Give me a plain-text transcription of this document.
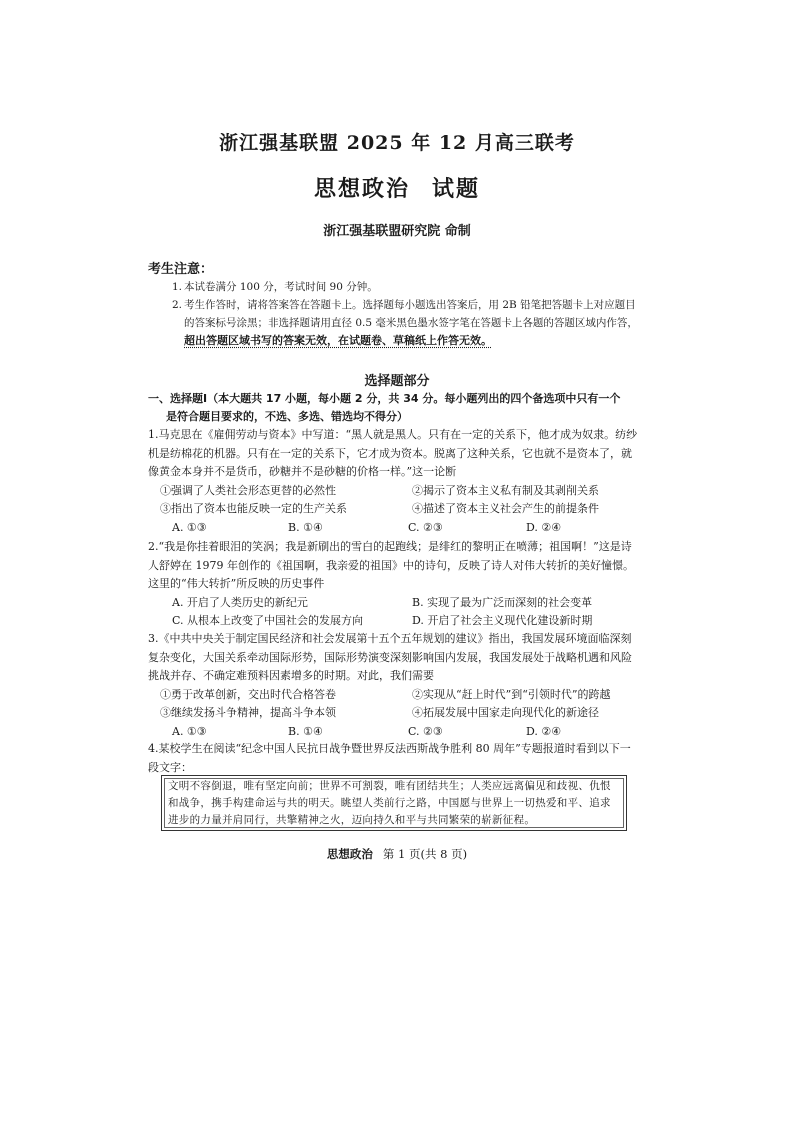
浙江强基联盟 2025 年 12 月高三联考
思想政治 试题
浙江强基联盟研究院 命制
考生注意：
1. 本试卷满分 100 分，考试时间 90 分钟。
2. 考生作答时，请将答案答在答题卡上。选择题每小题选出答案后，用 2B 铅笔把答题卡上对应题目的答案标号涂黑；非选择题请用直径 0.5 毫米黑色墨水签字笔在答题卡上各题的答题区域内作答，超出答题区域书写的答案无效，在试题卷、草稿纸上作答无效。
选择题部分
一、选择题Ⅰ（本大题共 17 小题，每小题 2 分，共 34 分。每小题列出的四个备选项中只有一个
是符合题目要求的，不选、多选、错选均不得分）
1.马克思在《雇佣劳动与资本》中写道：“黑人就是黑人。只有在一定的关系下，他才成为奴隶。纺纱机是纺棉花的机器。只有在一定的关系下，它才成为资本。脱离了这种关系，它也就不是资本了，就像黄金本身并不是货币，砂糖并不是砂糖的价格一样。”这一论断
①强调了人类社会形态更替的必然性	②揭示了资本主义私有制及其剥削关系
③指出了资本也能反映一定的生产关系	④描述了资本主义社会产生的前提条件
A. ①③	B. ①④	C. ②③	D. ②④
2.“我是你挂着眼泪的笑涡；我是新刷出的雪白的起跑线；是绯红的黎明正在喷薄；祖国啊！”这是诗人舒婷在 1979 年创作的《祖国啊，我亲爱的祖国》中的诗句，反映了诗人对伟大转折的美好憧憬。这里的“伟大转折”所反映的历史事件
A. 开启了人类历史的新纪元	B. 实现了最为广泛而深刻的社会变革
C. 从根本上改变了中国社会的发展方向	D. 开启了社会主义现代化建设新时期
3.《中共中央关于制定国民经济和社会发展第十五个五年规划的建议》指出，我国发展环境面临深刻复杂变化，大国关系牵动国际形势，国际形势演变深刻影响国内发展，我国发展处于战略机遇和风险挑战并存、不确定难预料因素增多的时期。对此，我们需要
①勇于改革创新，交出时代合格答卷	②实现从“赶上时代”到“引领时代”的跨越
③继续发扬斗争精神，提高斗争本领	④拓展发展中国家走向现代化的新途径
A. ①③	B. ①④	C. ②③	D. ②④
4.某校学生在阅读“纪念中国人民抗日战争暨世界反法西斯战争胜利 80 周年”专题报道时看到以下一段文字：
文明不容倒退，唯有坚定向前；世界不可割裂，唯有团结共生；人类应远离偏见和歧视、仇恨和战争，携手构建命运与共的明天。眺望人类前行之路，中国愿与世界上一切热爱和平、追求进步的力量并肩同行，共擎精神之火，迈向持久和平与共同繁荣的崭新征程。
思想政治 第 1 页(共 8 页)
